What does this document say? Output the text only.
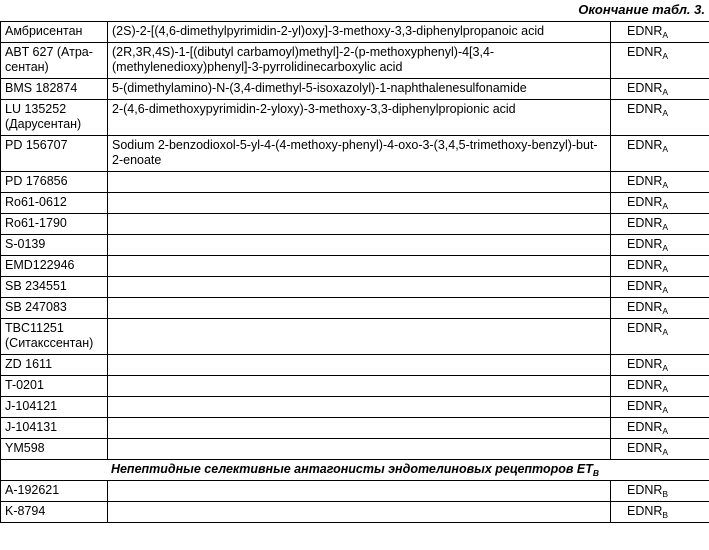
Окончание табл. 3.
Амбрисентан	(2S)-2-[(4,6-dimethylpyrimidin-2-yl)oxy]-3-methoxy-3,3-diphenylpropanoic acid	$EDNR_A$
ABT 627 (Атра-сентан)	(2R,3R,4S)-1-[(dibutyl carbamoyl)methyl]-2-(p-methoxyphenyl)-4[3,4-(methylenedioxy)phenyl]-3-pyrrolidinecarboxylic acid	$EDNR_A$
BMS 182874	5-(dimethylamino)-N-(3,4-dimethyl-5-isoxazolyl)-1-naphthalenesulfonamide	$EDNR_A$
LU 135252 (Дарусентан)	2-(4,6-dimethoxypyrimidin-2-yloxy)-3-methoxy-3,3-diphenylpropionic acid	$EDNR_A$
PD 156707	Sodium 2-benzodioxol-5-yl-4-(4-methoxy-phenyl)-4-oxo-3-(3,4,5-trimethoxy-benzyl)-but-2-enoate	$EDNR_A$
PD 176856		$EDNR_A$
Ro61-0612		$EDNR_A$
Ro61-1790		$EDNR_A$
S-0139		$EDNR_A$
EMD122946		$EDNR_A$
SB 234551		$EDNR_A$
SB 247083		$EDNR_A$
TBC11251 (Ситакссентан)		$EDNR_A$
ZD 1611		$EDNR_A$
T-0201		$EDNR_A$
J-104121		$EDNR_A$
J-104131		$EDNR_A$
YM598		$EDNR_A$
Непептидные селективные антагонисты эндотелиновых рецепторов $ET_B$
A-192621		$EDNR_B$
K-8794		$EDNR_B$
